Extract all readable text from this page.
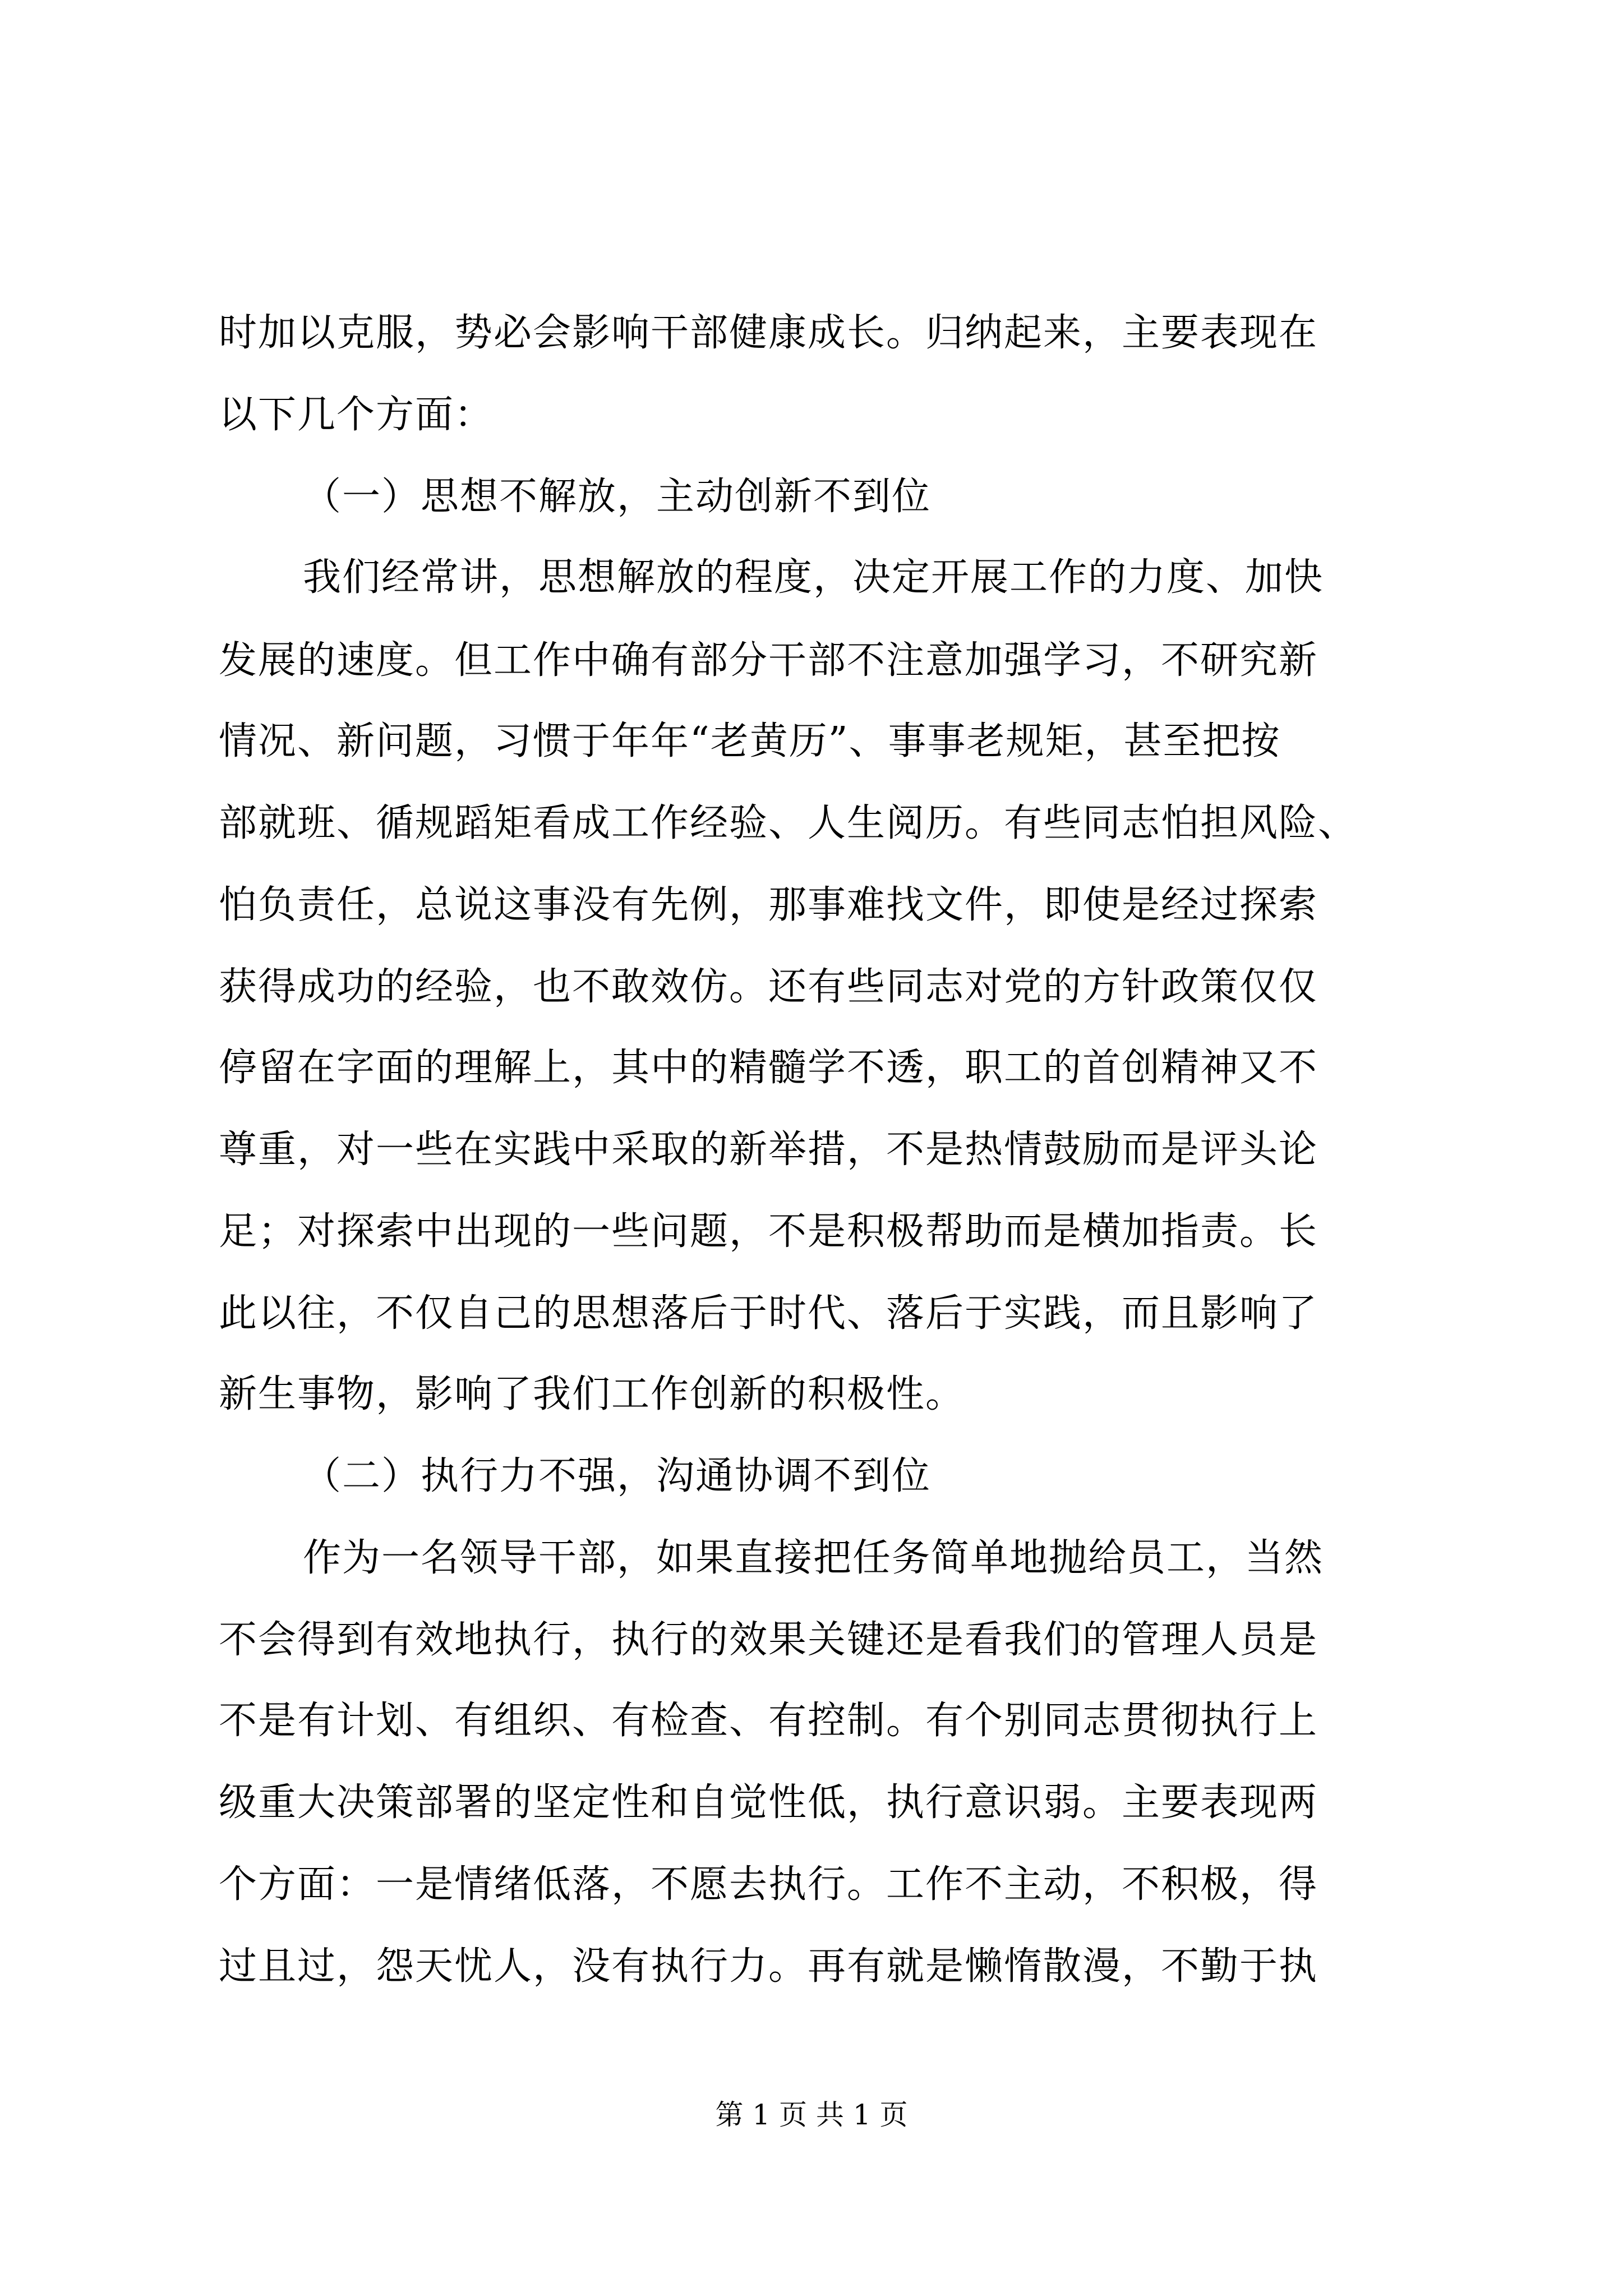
时加以克服，势必会影响干部健康成长。归纳起来，主要表现在
以下几个方面：
（一）思想不解放，主动创新不到位
我们经常讲，思想解放的程度，决定开展工作的力度、加快
发展的速度。但工作中确有部分干部不注意加强学习，不研究新
情况、新问题，习惯于年年“老黄历”、事事老规矩，甚至把按
部就班、循规蹈矩看成工作经验、人生阅历。有些同志怕担风险、
怕负责任，总说这事没有先例，那事难找文件，即使是经过探索
获得成功的经验，也不敢效仿。还有些同志对党的方针政策仅仅
停留在字面的理解上，其中的精髓学不透，职工的首创精神又不
尊重，对一些在实践中采取的新举措，不是热情鼓励而是评头论
足；对探索中出现的一些问题，不是积极帮助而是横加指责。长
此以往，不仅自己的思想落后于时代、落后于实践，而且影响了
新生事物，影响了我们工作创新的积极性。
（二）执行力不强，沟通协调不到位
作为一名领导干部，如果直接把任务简单地抛给员工，当然
不会得到有效地执行，执行的效果关键还是看我们的管理人员是
不是有计划、有组织、有检查、有控制。有个别同志贯彻执行上
级重大决策部署的坚定性和自觉性低，执行意识弱。主要表现两
个方面：一是情绪低落，不愿去执行。工作不主动，不积极，得
过且过，怨天忧人，没有执行力。再有就是懒惰散漫，不勤于执
第 1 页 共 1 页
